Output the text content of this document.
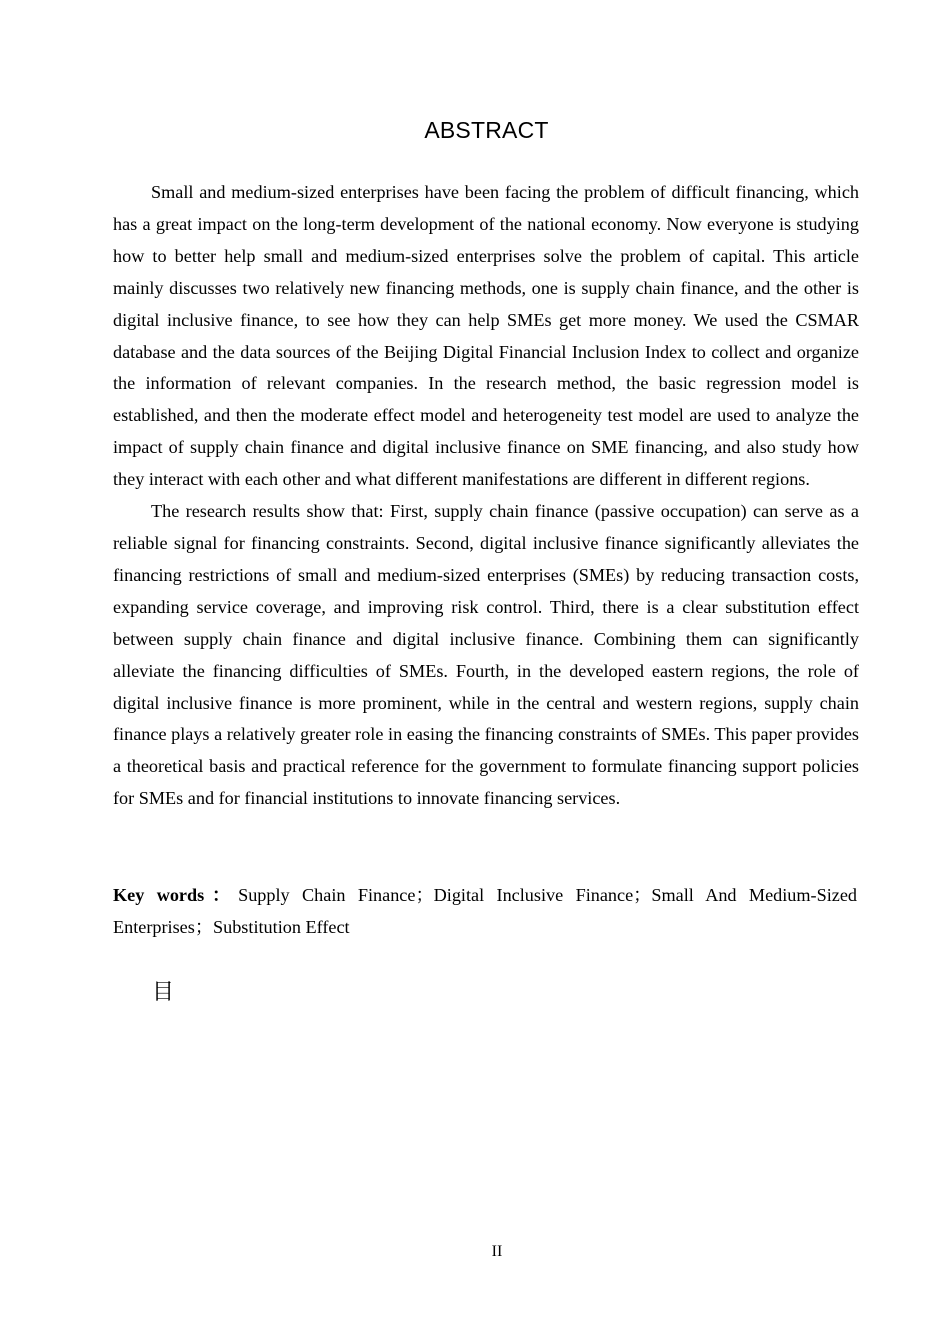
ABSTRACT

Small and medium-sized enterprises have been facing the problem of difficult financing, which has a great impact on the long-term development of the national economy. Now everyone is studying how to better help small and medium-sized enterprises solve the problem of capital. This article mainly discusses two relatively new financing methods, one is supply chain finance, and the other is digital inclusive finance, to see how they can help SMEs get more money. We used the CSMAR database and the data sources of the Beijing Digital Financial Inclusion Index to collect and organize the information of relevant companies. In the research method, the basic regression model is established, and then the moderate effect model and heterogeneity test model are used to analyze the impact of supply chain finance and digital inclusive finance on SME financing, and also study how they interact with each other and what different manifestations are different in different regions.

The research results show that: First, supply chain finance (passive occupation) can serve as a reliable signal for financing constraints. Second, digital inclusive finance significantly alleviates the financing restrictions of small and medium-sized enterprises (SMEs) by reducing transaction costs, expanding service coverage, and improving risk control. Third, there is a clear substitution effect between supply chain finance and digital inclusive finance. Combining them can significantly alleviate the financing difficulties of SMEs. Fourth, in the developed eastern regions, the role of digital inclusive finance is more prominent, while in the central and western regions, supply chain finance plays a relatively greater role in easing the financing constraints of SMEs. This paper provides a theoretical basis and practical reference for the government to formulate financing support policies for SMEs and for financial institutions to innovate financing services.

Key words：Supply Chain Finance；Digital Inclusive Finance；Small And Medium-Sized Enterprises；Substitution Effect

目
II
